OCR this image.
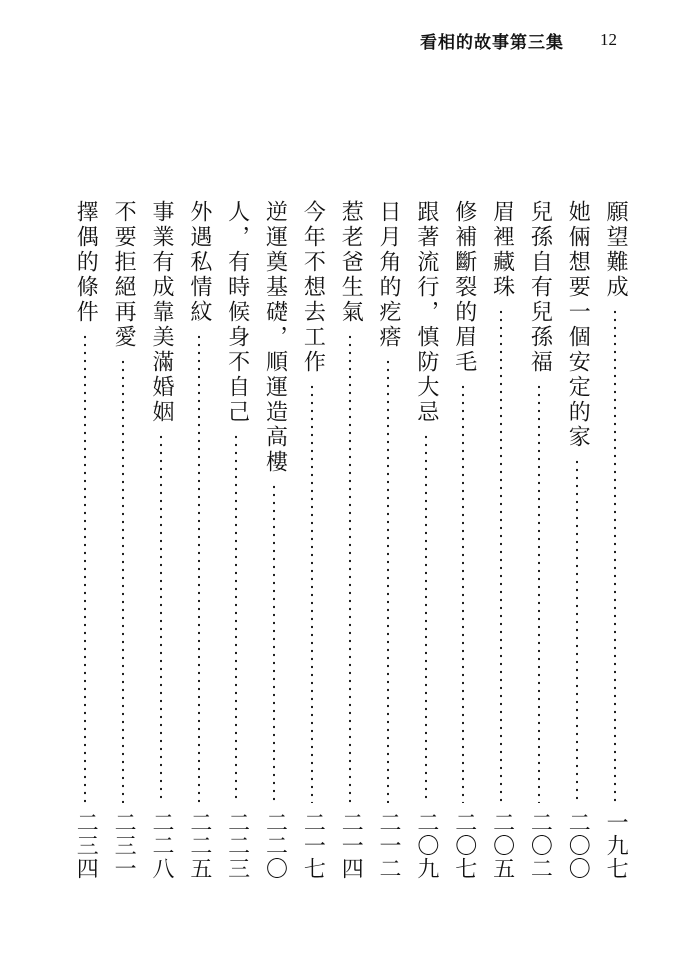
看相的故事第三集 12
願望難成
一九七
她倆想要一個安定的家
二〇〇
兒孫自有兒孫福
二〇二
眉裡藏珠
二〇五
修補斷裂的眉毛
二〇七
跟著流行，慎防大忌
二〇九
日月角的疙瘩
二一二
惹老爸生氣
二一四
今年不想去工作
二一七
逆運奠基礎，順運造高樓
二二〇
人，有時候身不自己
二二三
外遇私情紋
二二五
事業有成靠美滿婚姻
二二八
不要拒絕再愛
二三一
擇偶的條件
二三四
